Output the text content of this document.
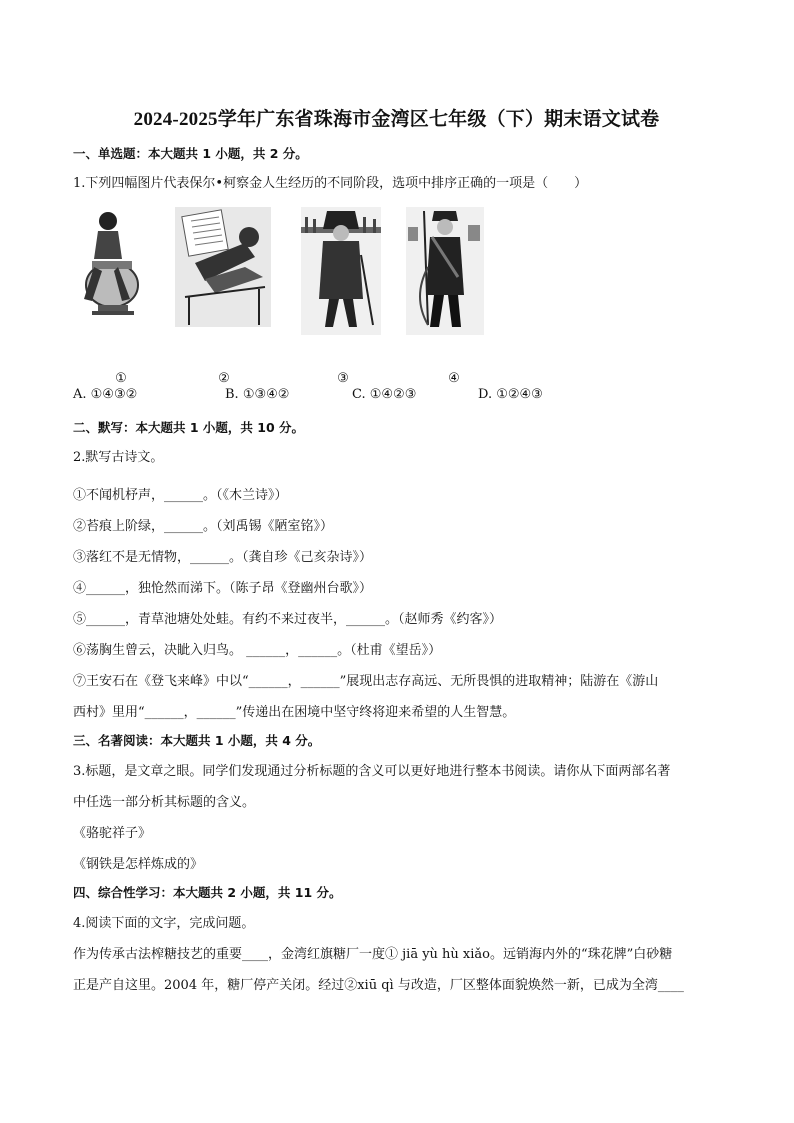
2024-2025学年广东省珠海市金湾区七年级（下）期末语文试卷

一、单选题：本大题共 1 小题，共 2 分。

1.下列四幅图片代表保尔•柯察金人生经历的不同阶段，选项中排序正确的一项是（　　）

①	②	③	④
A. ①④③②	B. ①③④②	C. ①④②③	D. ①②④③

二、默写：本大题共 1 小题，共 10 分。

2.默写古诗文。

①不闻机杼声，______。（《木兰诗》）

②苔痕上阶绿，______。（刘禹锡《陋室铭》）

③落红不是无情物，______。（龚自珍《己亥杂诗》）

④______，独怆然而涕下。（陈子昂《登幽州台歌》）

⑤______，青草池塘处处蛙。有约不来过夜半，______。（赵师秀《约客》）

⑥荡胸生曾云，决眦入归鸟。 ______，______。（杜甫《望岳》）

⑦王安石在《登飞来峰》中以“______，______”展现出志存高远、无所畏惧的进取精神；陆游在《游山

西村》里用“______，______”传递出在困境中坚守终将迎来希望的人生智慧。

三、名著阅读：本大题共 1 小题，共 4 分。

3.标题，是文章之眼。同学们发现通过分析标题的含义可以更好地进行整本书阅读。请你从下面两部名著

中任选一部分析其标题的含义。

《骆驼祥子》

《钢铁是怎样炼成的》

四、综合性学习：本大题共 2 小题，共 11 分。

4.阅读下面的文字，完成问题。

作为传承古法榨糖技艺的重要____，金湾红旗糖厂一度① jiā yù hù xiǎo。远销海内外的“珠花牌”白砂糖

正是产自这里。2004 年，糖厂停产关闭。经过②xiū qì 与改造，厂区整体面貌焕然一新，已成为全湾____
